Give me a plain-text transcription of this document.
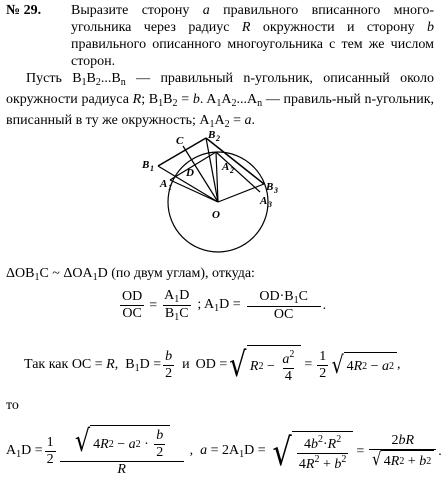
№ 29. Выразите сторону a правильного вписанного много-угольника через радиус R окружности и сторону b правильного описанного многоугольника с тем же числом сторон.
Пусть $B_1B_2...B_n$ — правильный n-угольник, описанный около окружности радиуса R; $B_1B_2 = b$. $A_1A_2...A_n$ — правиль-ный n-угольник, вписанный в ту же окружность; $A_1A_2 = a$.
B 1
C B 2
A 1
D	A 2
B 3
A 3
O
$\Delta OB_1C$ ~ $\Delta OA_1D$ (по двум углам), откуда:
$\frac{OD}{OC} = \frac{A_1D}{B_1C}$ ; $A_1D = \frac{OD\cdot B_1C}{OC}$ .
Так как OC = R,  $B_1D = \frac{b}{2}$ и OD = √ R $2 - a^2$
4
= $\frac{1}{2}$ √ 4 R 2 − a 2 ,
то
$A_1D = \frac{1}{2}$ √ 4 R 2 − a 2 ·
b
2
R
,  $a = 2A_1D$ = √ $4b^2\cdot R^2$
$4R^2 + b^2$
= $\frac{2bR}{√ 4 R 2 + b 2}$ .
